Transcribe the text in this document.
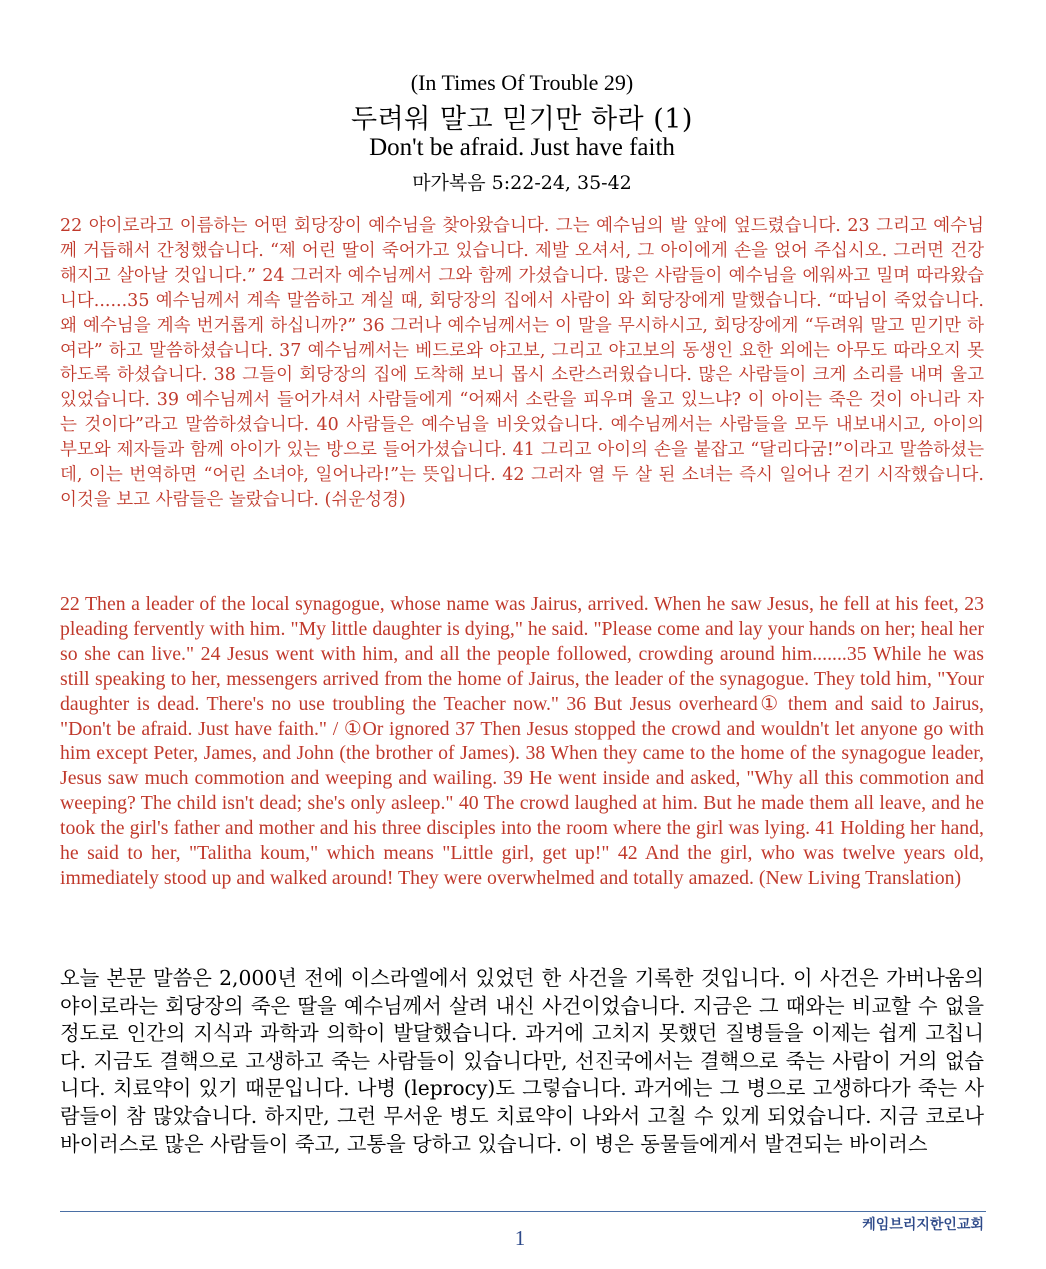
(In Times Of Trouble 29)
두려워 말고 믿기만 하라 (1)
Don't be afraid. Just have faith
마가복음 5:22-24, 35-42

22 야이로라고 이름하는 어떤 회당장이 예수님을 찾아왔습니다. 그는 예수님의 발 앞에 엎드렸습니다. 23 그리고 예수님께 거듭해서 간청했습니다. “제 어린 딸이 죽어가고 있습니다. 제발 오셔서, 그 아이에게 손을 얹어 주십시오. 그러면 건강해지고 살아날 것입니다.” 24 그러자 예수님께서 그와 함께 가셨습니다. 많은 사람들이 예수님을 에워싸고 밀며 따라왔습니다......35 예수님께서 계속 말씀하고 계실 때, 회당장의 집에서 사람이 와 회당장에게 말했습니다. “따님이 죽었습니다. 왜 예수님을 계속 번거롭게 하십니까?” 36 그러나 예수님께서는 이 말을 무시하시고, 회당장에게 “두려워 말고 믿기만 하여라” 하고 말씀하셨습니다. 37 예수님께서는 베드로와 야고보, 그리고 야고보의 동생인 요한 외에는 아무도 따라오지 못하도록 하셨습니다. 38 그들이 회당장의 집에 도착해 보니 몹시 소란스러웠습니다. 많은 사람들이 크게 소리를 내며 울고 있었습니다. 39 예수님께서 들어가셔서 사람들에게 “어째서 소란을 피우며 울고 있느냐? 이 아이는 죽은 것이 아니라 자는 것이다”라고 말씀하셨습니다. 40 사람들은 예수님을 비웃었습니다. 예수님께서는 사람들을 모두 내보내시고, 아이의 부모와 제자들과 함께 아이가 있는 방으로 들어가셨습니다. 41 그리고 아이의 손을 붙잡고 “달리다굼!”이라고 말씀하셨는데, 이는 번역하면 “어린 소녀야, 일어나라!”는 뜻입니다. 42 그러자 열 두 살 된 소녀는 즉시 일어나 걷기 시작했습니다. 이것을 보고 사람들은 놀랐습니다. (쉬운성경)

22 Then a leader of the local synagogue, whose name was Jairus, arrived. When he saw Jesus, he fell at his feet, 23 pleading fervently with him. "My little daughter is dying," he said. "Please come and lay your hands on her; heal her so she can live." 24 Jesus went with him, and all the people followed, crowding around him.......35 While he was still speaking to her, messengers arrived from the home of Jairus, the leader of the synagogue. They told him, "Your daughter is dead. There's no use troubling the Teacher now." 36 But Jesus overheard① them and said to Jairus, "Don't be afraid. Just have faith." / ①Or ignored 37 Then Jesus stopped the crowd and wouldn't let anyone go with him except Peter, James, and John (the brother of James). 38 When they came to the home of the synagogue leader, Jesus saw much commotion and weeping and wailing. 39 He went inside and asked, "Why all this commotion and weeping? The child isn't dead; she's only asleep." 40 The crowd laughed at him. But he made them all leave, and he took the girl's father and mother and his three disciples into the room where the girl was lying. 41 Holding her hand, he said to her, "Talitha koum," which means "Little girl, get up!" 42 And the girl, who was twelve years old, immediately stood up and walked around! They were overwhelmed and totally amazed. (New Living Translation)

오늘 본문 말씀은 2,000년 전에 이스라엘에서 있었던 한 사건을 기록한 것입니다. 이 사건은 가버나움의 야이로라는 회당장의 죽은 딸을 예수님께서 살려 내신 사건이었습니다. 지금은 그 때와는 비교할 수 없을 정도로 인간의 지식과 과학과 의학이 발달했습니다. 과거에 고치지 못했던 질병들을 이제는 쉽게 고칩니다. 지금도 결핵으로 고생하고 죽는 사람들이 있습니다만, 선진국에서는 결핵으로 죽는 사람이 거의 없습니다. 치료약이 있기 때문입니다. 나병 (leprocy)도 그렇습니다. 과거에는 그 병으로 고생하다가 죽는 사람들이 참 많았습니다. 하지만, 그런 무서운 병도 치료약이 나와서 고칠 수 있게 되었습니다. 지금 코로나바이러스로 많은 사람들이 죽고, 고통을 당하고 있습니다. 이 병은 동물들에게서 발견되는 바이러스

1
케임브리지한인교회
